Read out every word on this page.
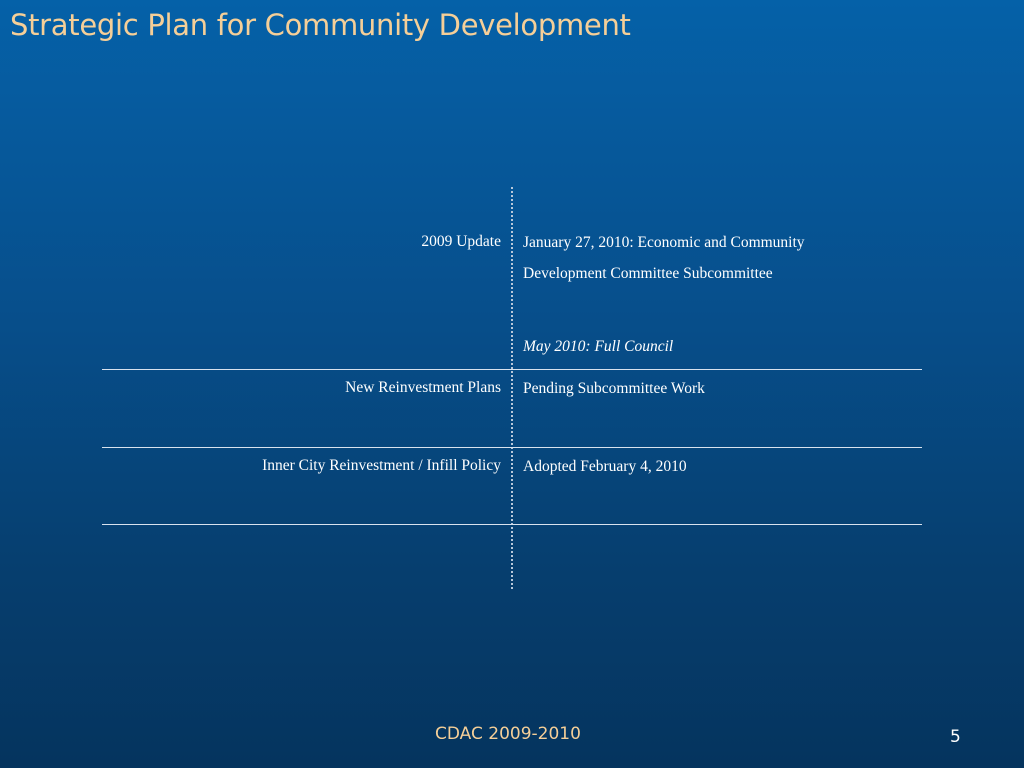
Strategic Plan for Community Development
2009 Update January 27, 2010: Economic and Community
Development Committee Subcommittee
May 2010: Full Council
New Reinvestment Plans Pending Subcommittee Work
Inner City Reinvestment / Infill Policy Adopted February 4, 2010
CDAC 2009-2010	5
